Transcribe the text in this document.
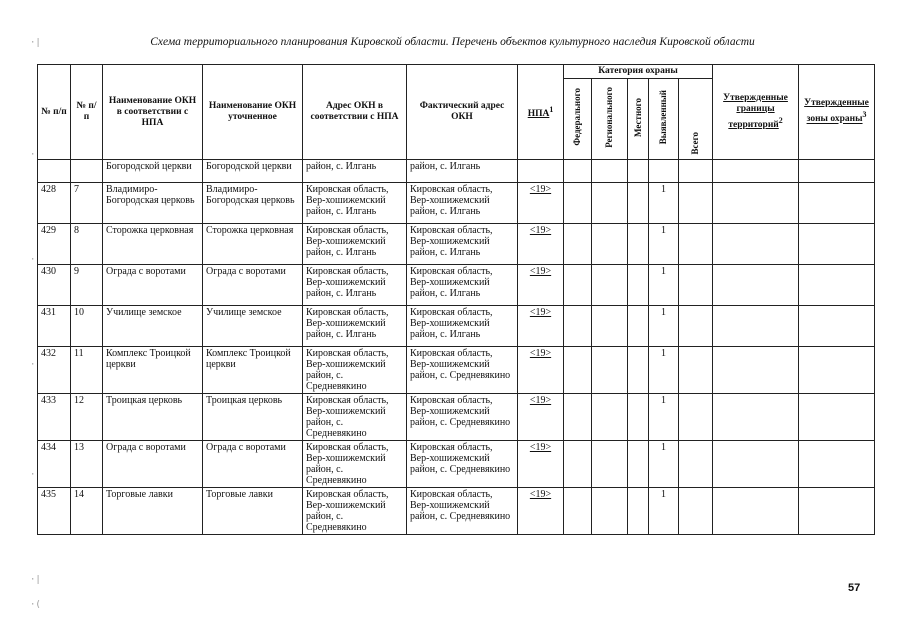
Схема территориального планирования Кировской области. Перечень объектов культурного наследия Кировской области
·|
·
·
·
·
·|
·(
№ п/п	№ п/п	Наименование ОКН в соответствии с НПА	Наименование ОКН уточненное	Адрес ОКН в соответствии с НПА	Фактический адрес ОКН	НПА$^1$	Категория охраны					Утвержденные границы территорий$^2$	Утвержденные зоны охраны$^3$
							Федерального	Регионального	Местного	Выявленный	Всего		
		Богородской церкви	Богородской церкви	район, с. Илгань	район, с. Илгань								
428	7	Владимиро-Богородская церковь	Владимиро-Богородская церковь	Кировская область, Вер-хошижемский район, с. Илгань	Кировская область, Вер-хошижемский район, с. Илгань	<19>				1			
429	8	Сторожка церковная	Сторожка церковная	Кировская область, Вер-хошижемский район, с. Илгань	Кировская область, Вер-хошижемский район, с. Илгань	<19>				1			
430	9	Ограда с воротами	Ограда с воротами	Кировская область, Вер-хошижемский район, с. Илгань	Кировская область, Вер-хошижемский район, с. Илгань	<19>				1			
431	10	Училище земское	Училище земское	Кировская область, Вер-хошижемский район, с. Илгань	Кировская область, Вер-хошижемский район, с. Илгань	<19>				1			
432	11	Комплекс Троицкой церкви	Комплекс Троицкой церкви	Кировская область, Вер-хошижемский район, с. Средневякино	Кировская область, Вер-хошижемский район, с. Средневякино	<19>				1			
433	12	Троицкая церковь	Троицкая церковь	Кировская область, Вер-хошижемский район, с. Средневякино	Кировская область, Вер-хошижемский район, с. Средневякино	<19>				1			
434	13	Ограда с воротами	Ограда с воротами	Кировская область, Вер-хошижемский район, с. Средневякино	Кировская область, Вер-хошижемский район, с. Средневякино	<19>				1			
435	14	Торговые лавки	Торговые лавки	Кировская область, Вер-хошижемский район, с. Средневякино	Кировская область, Вер-хошижемский район, с. Средневякино	<19>				1			
57
